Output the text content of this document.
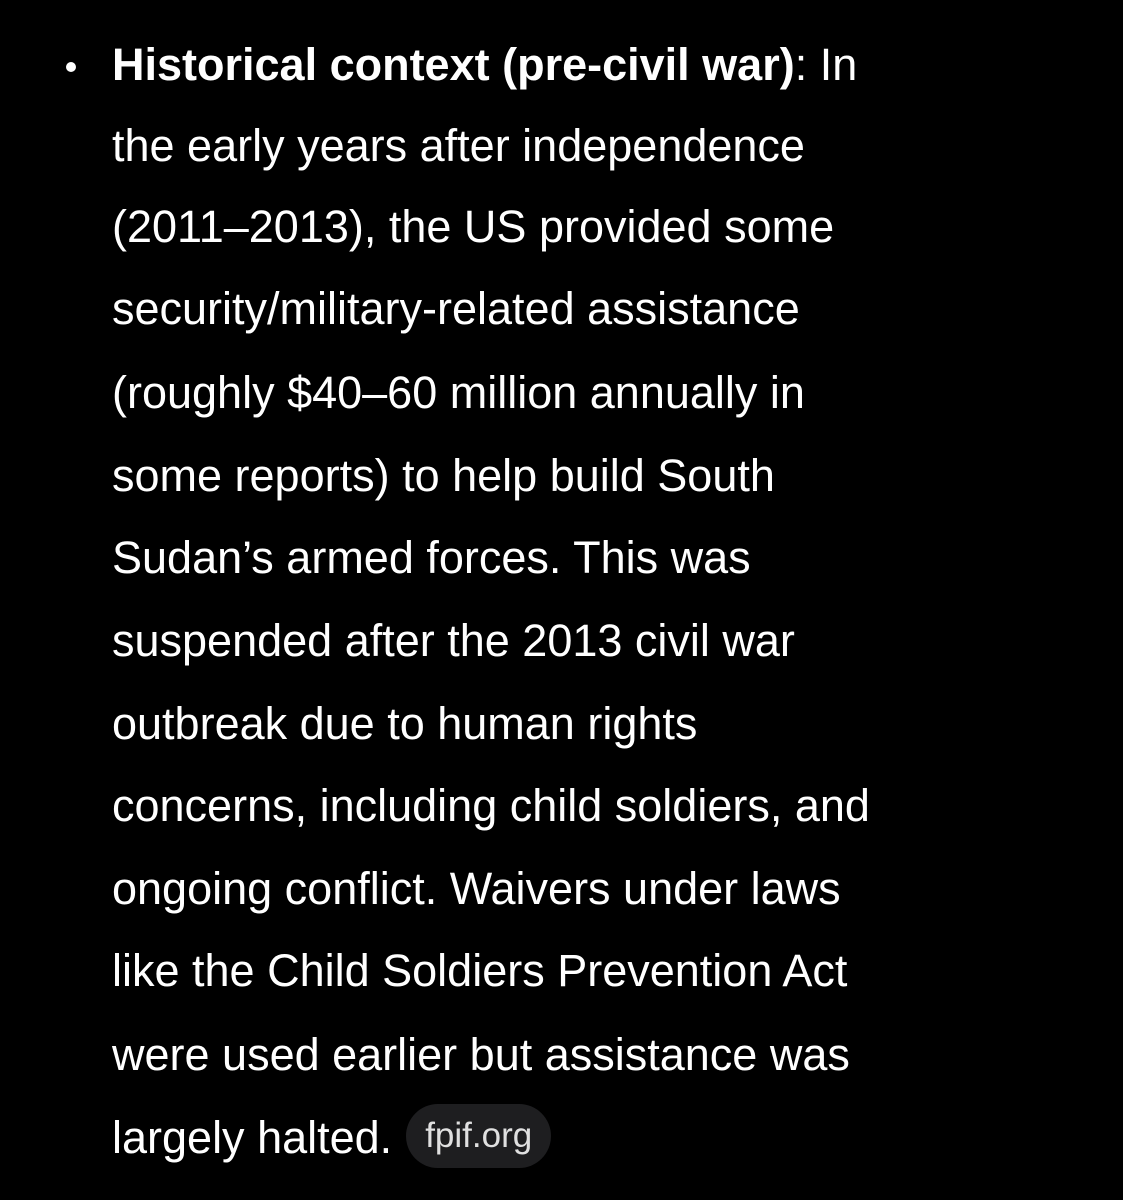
Historical context (pre-civil war): In
the early years after independence
(2011–2013), the US provided some
security/military-related assistance
(roughly $40–60 million annually in
some reports) to help build South
Sudan’s armed forces. This was
suspended after the 2013 civil war
outbreak due to human rights
concerns, including child soldiers, and
ongoing conflict. Waivers under laws
like the Child Soldiers Prevention Act
were used earlier but assistance was
largely halted. fpif.org
